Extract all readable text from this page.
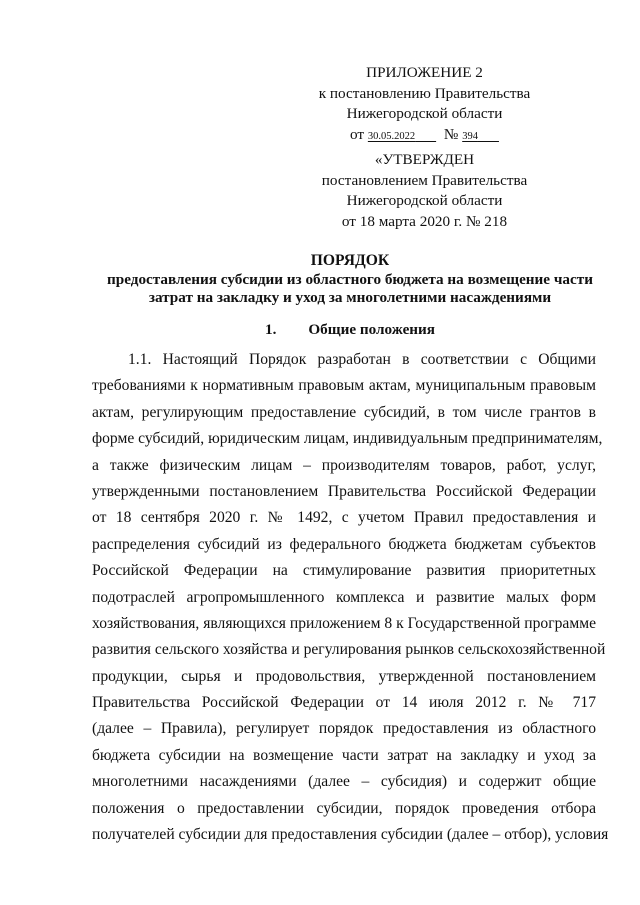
ПРИЛОЖЕНИЕ 2
к постановлению Правительства
Нижегородской области
от 30.05.2022   № 394  
«УТВЕРЖДЕН
постановлением Правительства
Нижегородской области
от 18 марта 2020 г. № 218
ПОРЯДОК
предоставления субсидии из областного бюджета на возмещение части
затрат на закладку и уход за многолетними насаждениями
1. Общие положения
1.1. Настоящий Порядок разработан в соответствии с Общими
требованиями к нормативным правовым актам, муниципальным правовым
актам, регулирующим предоставление субсидий, в том числе грантов в
форме субсидий, юридическим лицам, индивидуальным предпринимателям,
а также физическим лицам – производителям товаров, работ, услуг,
утвержденными постановлением Правительства Российской Федерации
от 18 сентября 2020 г. № 1492, с учетом Правил предоставления и
распределения субсидий из федерального бюджета бюджетам субъектов
Российской Федерации на стимулирование развития приоритетных
подотраслей агропромышленного комплекса и развитие малых форм
хозяйствования, являющихся приложением 8 к Государственной программе
развития сельского хозяйства и регулирования рынков сельскохозяйственной
продукции, сырья и продовольствия, утвержденной постановлением
Правительства Российской Федерации от 14 июля 2012 г. № 717
(далее – Правила), регулирует порядок предоставления из областного
бюджета субсидии на возмещение части затрат на закладку и уход за
многолетними насаждениями (далее – субсидия) и содержит общие
положения о предоставлении субсидии, порядок проведения отбора
получателей субсидии для предоставления субсидии (далее – отбор), условия
